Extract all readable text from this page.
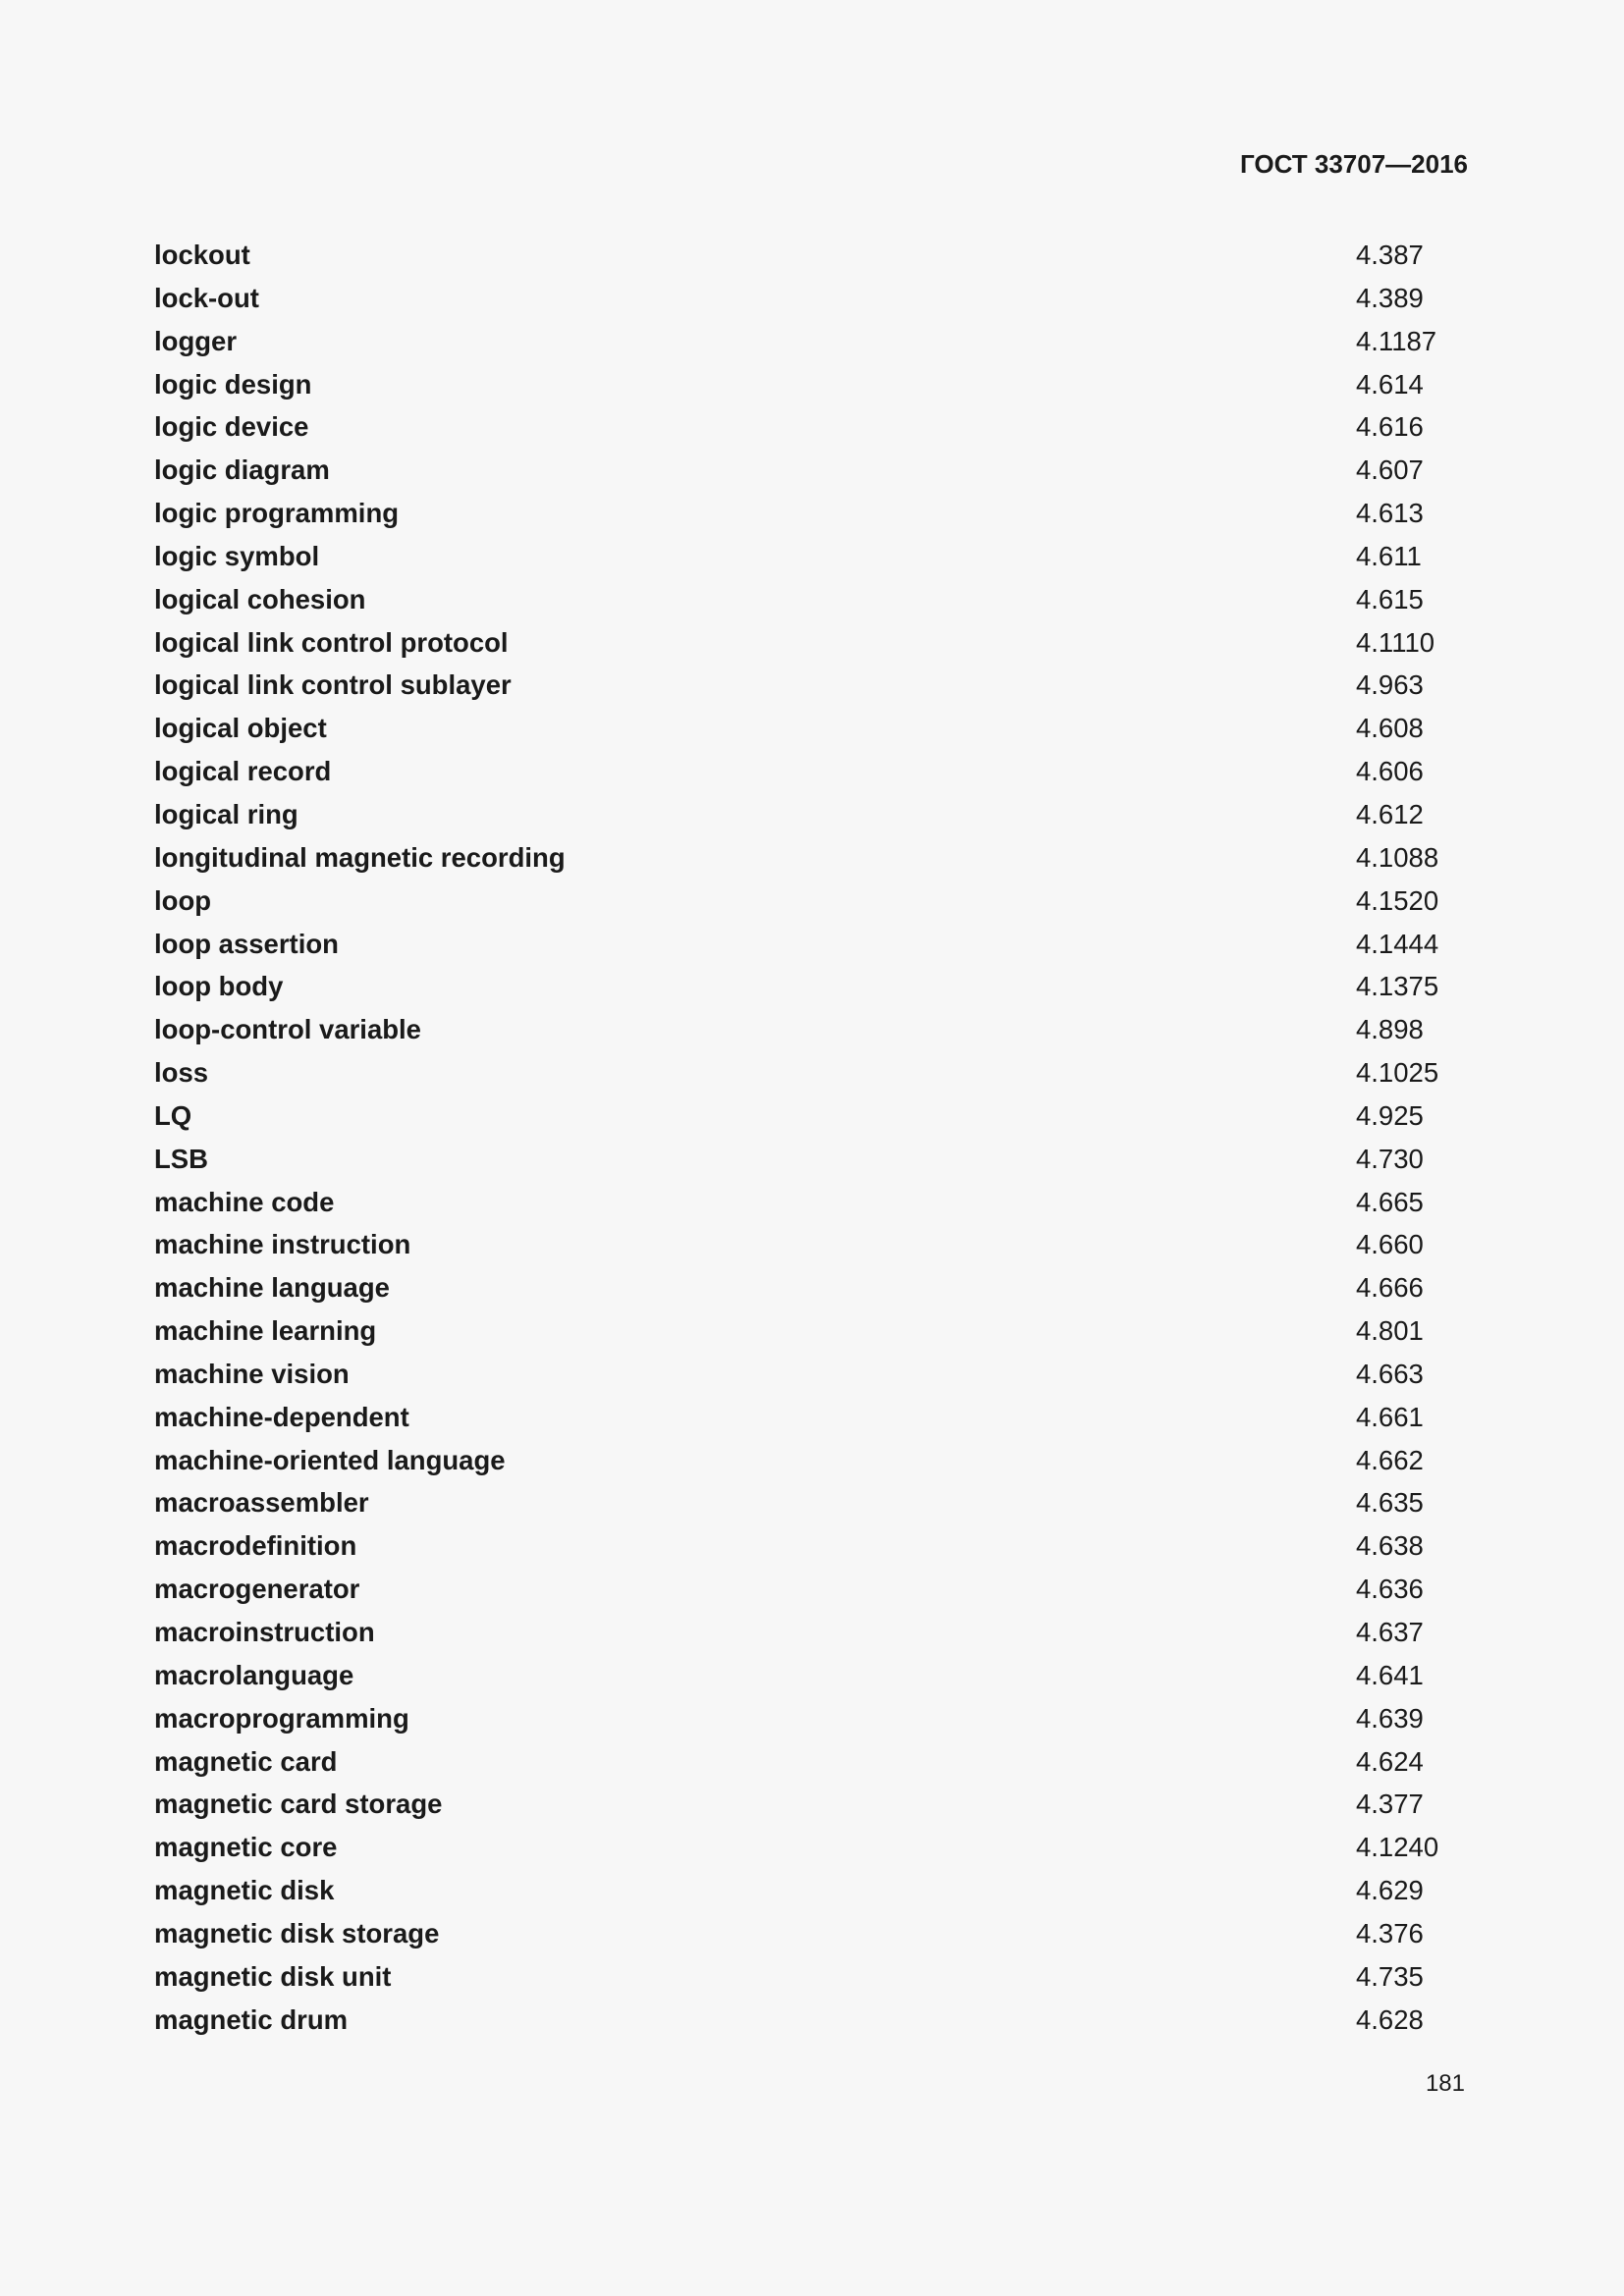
ГОСТ 33707—2016
lockout	4.387
lock-out	4.389
logger	4.1187
logic design	4.614
logic device	4.616
logic diagram	4.607
logic programming	4.613
logic symbol	4.611
logical cohesion	4.615
logical link control protocol	4.1110
logical link control sublayer	4.963
logical object	4.608
logical record	4.606
logical ring	4.612
longitudinal magnetic recording	4.1088
loop	4.1520
loop assertion	4.1444
loop body	4.1375
loop-control variable	4.898
loss	4.1025
LQ	4.925
LSB	4.730
machine code	4.665
machine instruction	4.660
machine language	4.666
machine learning	4.801
machine vision	4.663
machine-dependent	4.661
machine-oriented language	4.662
macroassembler	4.635
macrodefinition	4.638
macrogenerator	4.636
macroinstruction	4.637
macrolanguage	4.641
macroprogramming	4.639
magnetic card	4.624
magnetic card storage	4.377
magnetic core	4.1240
magnetic disk	4.629
magnetic disk storage	4.376
magnetic disk unit	4.735
magnetic drum	4.628
181
